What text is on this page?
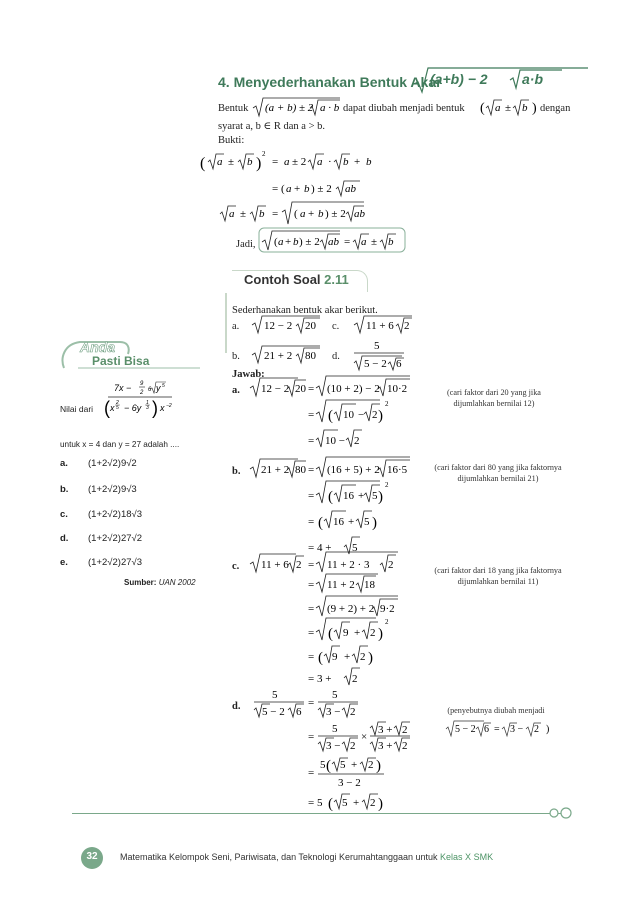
4. Menyederhanakan Bentuk Akar
(a+b) − 2 a·b
Bentuk (a + b) ± 2 a · b dapat diubah menjadi bentuk ( a ± b ) dengan
syarat a, b ∈ R dan a > b.
Bukti:
( a ± b )
2
= a ± 2 a · b + b
= ( a + b ) ± 2 ab
a ± b = ( a + b ) ± 2 ab
Jadi, ( a + b ) ± 2 ab = a ± b
Contoh Soal 2.11
Sederhanakan bentuk akar berikut.
a. 12 − 2 20 c. 11 + 6 2
b. 21 + 2 80 d.
5
5 − 2 6
Jawab:
a. 12 − 2 20 = (10 + 2) − 2 10·2
= ( 10 − 2 )
2
= 10 − 2
(cari faktor dari 20 yang jika dijumlahkan bernilai 12)
b. 21 + 2 80 = (16 + 5) + 2 16·5
= ( 16 + 5 )
2
= ( 16 + 5 )
= 4 + 5
(cari faktor dari 80 yang jika faktornya dijumlahkan bernilai 21)
c. 11 + 6 2 = 11 + 2 · 3 2
= 11 + 2 18
= (9 + 2) + 2 9·2
= ( 9 + 2 )
2
= ( 9 + 2 )
= 3 + 2
(cari faktor dari 18 yang jika faktornya dijumlahkan bernilai 11)
d.
5
5 − 2 6
=
5
3 − 2
=
5
3 − 2
×
3 + 2
3 + 2
=
5 ( 5 + 2 )
3 − 2
= 5 ( 5 + 2 )
(penyebutnya diubah menjadi
5 − 2 6 = 3 − 2 )
Anda
Pasti Bisa
Nilai dari
7x − 9
2 6 y 5
( x 2
5 − 6y 1
3 ) x −2
untuk x = 4 dan y = 27 adalah ....
a. (1+2√2)9√2
b. (1+2√2)9√3
c. (1+2√2)18√3
d. (1+2√2)27√2
e. (1+2√2)27√3
Sumber: UAN 2002
32	Matematika Kelompok Seni, Pariwisata, dan Teknologi Kerumahtanggaan untuk Kelas X SMK
